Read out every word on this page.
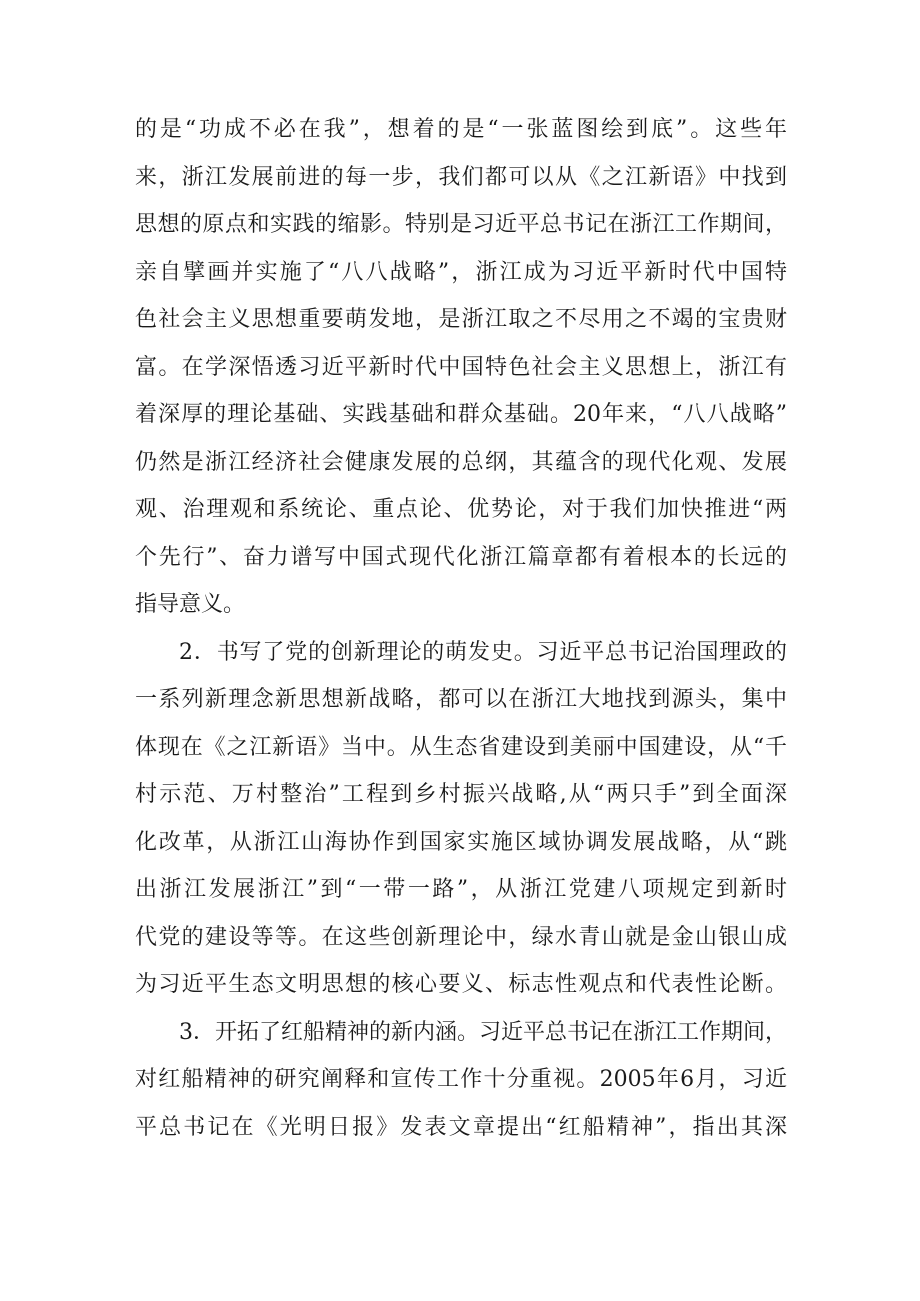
的是“功成不必在我”，想着的是“一张蓝图绘到底”。这些年
来，浙江发展前进的每一步，我们都可以从《之江新语》中找到
思想的原点和实践的缩影。特别是习近平总书记在浙江工作期间，
亲自擘画并实施了“八八战略”，浙江成为习近平新时代中国特
色社会主义思想重要萌发地，是浙江取之不尽用之不竭的宝贵财
富。在学深悟透习近平新时代中国特色社会主义思想上，浙江有
着深厚的理论基础、实践基础和群众基础。20年来，“八八战略”
仍然是浙江经济社会健康发展的总纲，其蕴含的现代化观、发展
观、治理观和系统论、重点论、优势论，对于我们加快推进“两
个先行”、奋力谱写中国式现代化浙江篇章都有着根本的长远的
指导意义。
2．书写了党的创新理论的萌发史。习近平总书记治国理政的
一系列新理念新思想新战略，都可以在浙江大地找到源头，集中
体现在《之江新语》当中。从生态省建设到美丽中国建设，从“千
村示范、万村整治”工程到乡村振兴战略,从“两只手”到全面深
化改革，从浙江山海协作到国家实施区域协调发展战略，从“跳
出浙江发展浙江”到“一带一路”，从浙江党建八项规定到新时
代党的建设等等。在这些创新理论中，绿水青山就是金山银山成
为习近平生态文明思想的核心要义、标志性观点和代表性论断。
3．开拓了红船精神的新内涵。习近平总书记在浙江工作期间，
对红船精神的研究阐释和宣传工作十分重视。2005年6月，习近
平总书记在《光明日报》发表文章提出“红船精神”，指出其深
